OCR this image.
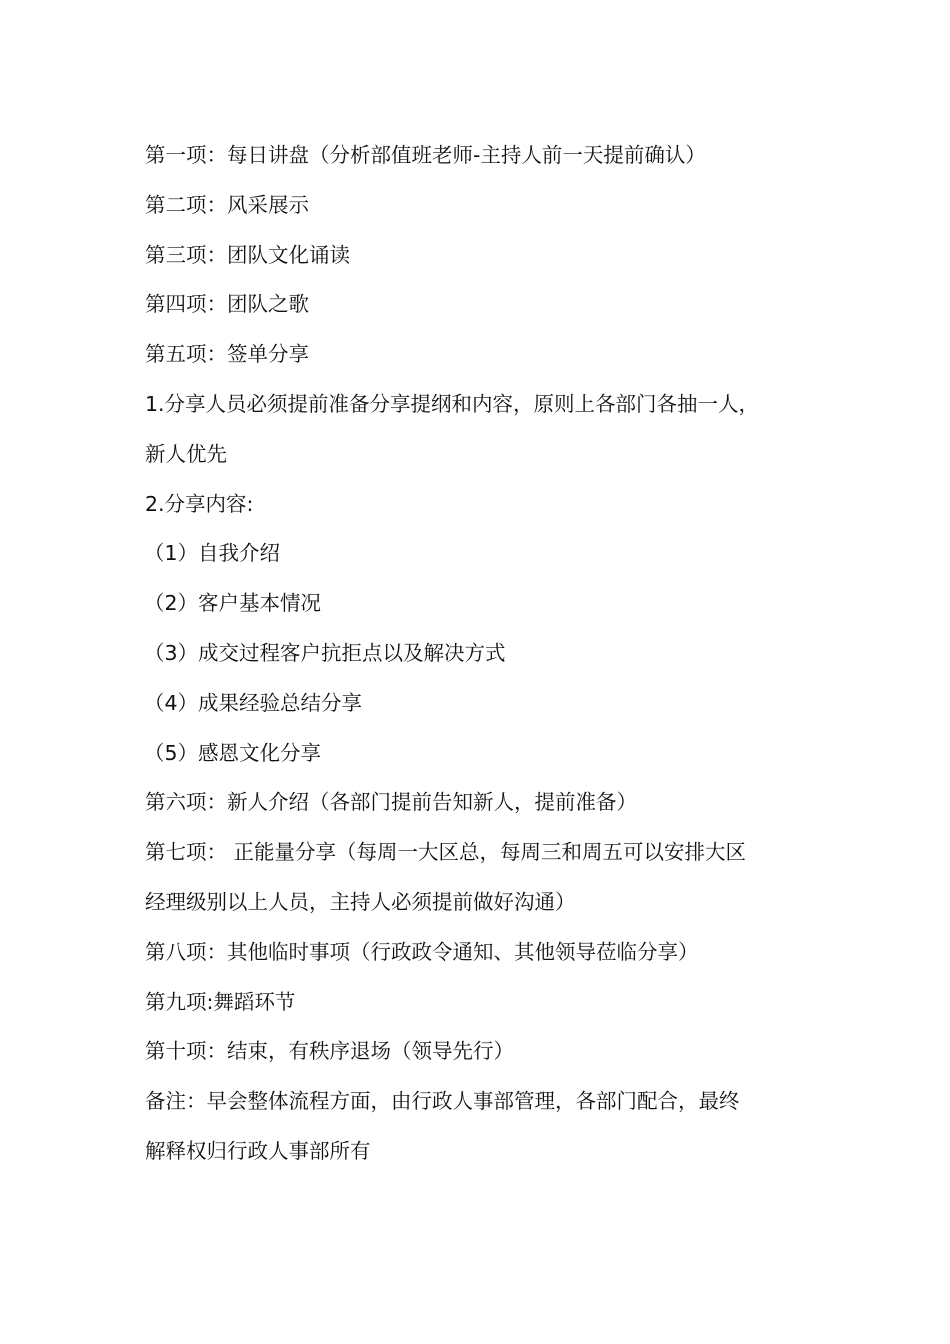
第一项：每日讲盘（分析部值班老师-主持人前一天提前确认）

第二项：风采展示

第三项：团队文化诵读

第四项：团队之歌

第五项：签单分享

1.分享人员必须提前准备分享提纲和内容，原则上各部门各抽一人，

新人优先

2.分享内容:

（1）自我介绍

（2）客户基本情况

（3）成交过程客户抗拒点以及解决方式

（4）成果经验总结分享

（5）感恩文化分享

第六项：新人介绍（各部门提前告知新人，提前准备）

第七项： 正能量分享（每周一大区总，每周三和周五可以安排大区

经理级别以上人员，主持人必须提前做好沟通）

第八项：其他临时事项（行政政令通知、其他领导莅临分享）

第九项:舞蹈环节

第十项：结束，有秩序退场（领导先行）

备注：早会整体流程方面，由行政人事部管理，各部门配合，最终

解释权归行政人事部所有
